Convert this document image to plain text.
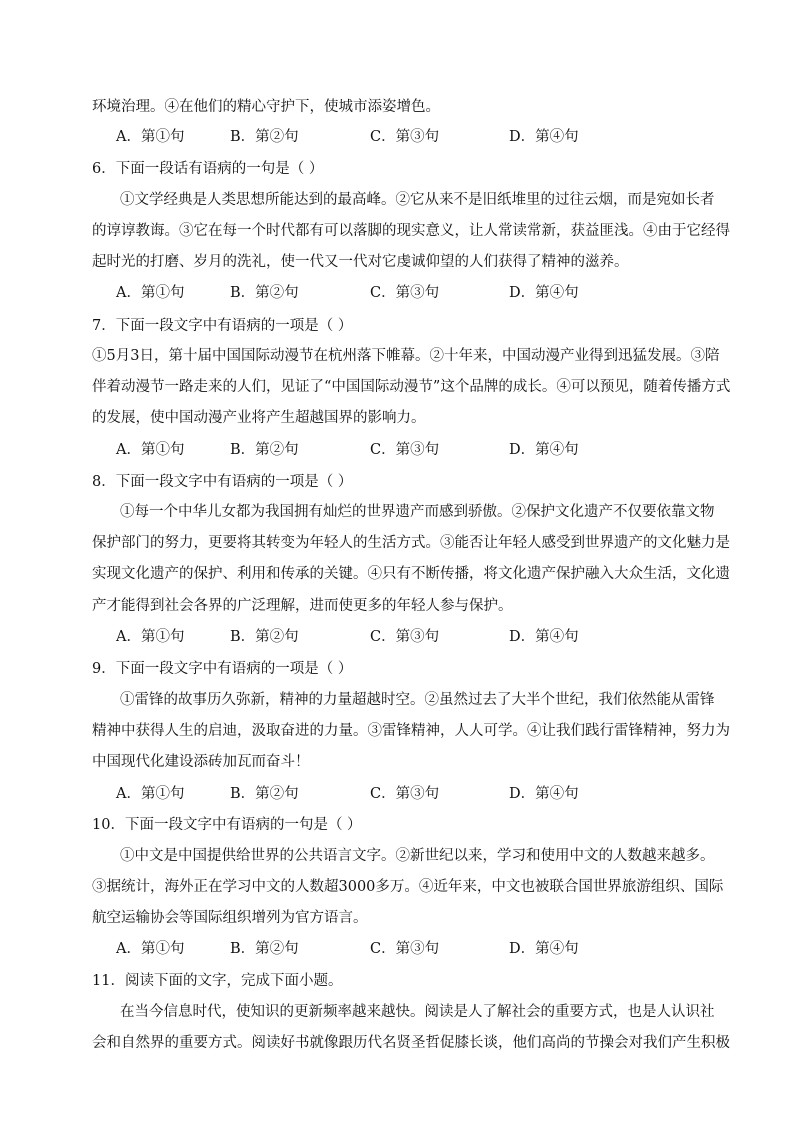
环境治理。④在他们的精心守护下，使城市添姿增色。
A．第①句	B．第②句	C．第③句	D．第④句
6．下面一段话有语病的一句是（ ）
①文学经典是人类思想所能达到的最高峰。②它从来不是旧纸堆里的过往云烟，而是宛如长者
的谆谆教诲。③它在每一个时代都有可以落脚的现实意义，让人常读常新，获益匪浅。④由于它经得
起时光的打磨、岁月的洗礼，使一代又一代对它虔诚仰望的人们获得了精神的滋养。
A．第①句	B．第②句	C．第③句	D．第④句
7．下面一段文字中有语病的一项是（ ）
①5月3日，第十届中国国际动漫节在杭州落下帷幕。②十年来，中国动漫产业得到迅猛发展。③陪
伴着动漫节一路走来的人们，见证了“中国国际动漫节”这个品牌的成长。④可以预见，随着传播方式
的发展，使中国动漫产业将产生超越国界的影响力。
A．第①句	B．第②句	C．第③句	D．第④句
8．下面一段文字中有语病的一项是（ ）
①每一个中华儿女都为我国拥有灿烂的世界遗产而感到骄傲。②保护文化遗产不仅要依靠文物
保护部门的努力，更要将其转变为年轻人的生活方式。③能否让年轻人感受到世界遗产的文化魅力是
实现文化遗产的保护、利用和传承的关键。④只有不断传播，将文化遗产保护融入大众生活，文化遗
产才能得到社会各界的广泛理解，进而使更多的年轻人参与保护。
A．第①句	B．第②句	C．第③句	D．第④句
9．下面一段文字中有语病的一项是（ ）
①雷锋的故事历久弥新，精神的力量超越时空。②虽然过去了大半个世纪，我们依然能从雷锋
精神中获得人生的启迪，汲取奋进的力量。③雷锋精神，人人可学。④让我们践行雷锋精神，努力为
中国现代化建设添砖加瓦而奋斗！
A．第①句	B．第②句	C．第③句	D．第④句
10．下面一段文字中有语病的一句是（ ）
①中文是中国提供给世界的公共语言文字。②新世纪以来，学习和使用中文的人数越来越多。
③据统计，海外正在学习中文的人数超3000多万。④近年来，中文也被联合国世界旅游组织、国际
航空运输协会等国际组织增列为官方语言。
A．第①句	B．第②句	C．第③句	D．第④句
11．阅读下面的文字，完成下面小题。
在当今信息时代，使知识的更新频率越来越快。阅读是人了解社会的重要方式，也是人认识社
会和自然界的重要方式。阅读好书就像跟历代名贤圣哲促膝长谈，他们高尚的节操会对我们产生积极
